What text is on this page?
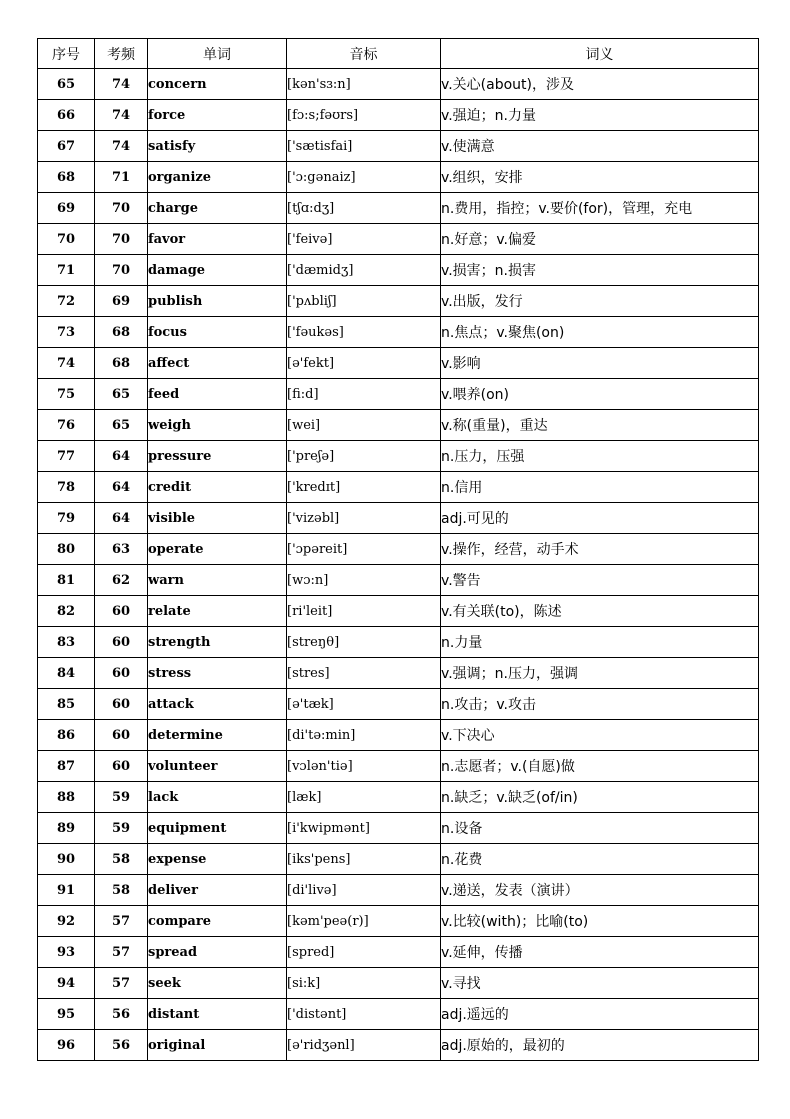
序号	考频	单词	音标	词义
65	74	concern	[kən'sɜ:n]	v.关心(about)，涉及
66	74	force	[fɔ:s;fəʊrs]	v.强迫；n.力量
67	74	satisfy	['sætisfai]	v.使满意
68	71	organize	['ɔ:gənaiz]	v.组织，安排
69	70	charge	[tʃɑ:dʒ]	n.费用，指控；v.要价(for)，管理，充电
70	70	favor	['feivə]	n.好意；v.偏爱
71	70	damage	['dæmidʒ]	v.损害；n.损害
72	69	publish	['pʌbliʃ]	v.出版，发行
73	68	focus	['fəukəs]	n.焦点；v.聚焦(on)
74	68	affect	[ə'fekt]	v.影响
75	65	feed	[fi:d]	v.喂养(on)
76	65	weigh	[wei]	v.称(重量)，重达
77	64	pressure	['preʃə]	n.压力，压强
78	64	credit	['kredɪt]	n.信用
79	64	visible	['vizəbl]	adj.可见的
80	63	operate	['ɔpəreit]	v.操作，经营，动手术
81	62	warn	[wɔ:n]	v.警告
82	60	relate	[ri'leit]	v.有关联(to)，陈述
83	60	strength	[streŋθ]	n.力量
84	60	stress	[stres]	v.强调；n.压力，强调
85	60	attack	[ə'tæk]	n.攻击；v.攻击
86	60	determine	[di'tə:min]	v.下决心
87	60	volunteer	[vɔlən'tiə]	n.志愿者；v.(自愿)做
88	59	lack	[læk]	n.缺乏；v.缺乏(of/in)
89	59	equipment	[i'kwipmənt]	n.设备
90	58	expense	[iks'pens]	n.花费
91	58	deliver	[di'livə]	v.递送，发表（演讲）
92	57	compare	[kəm'peə(r)]	v.比较(with)；比喻(to)
93	57	spread	[spred]	v.延伸，传播
94	57	seek	[si:k]	v.寻找
95	56	distant	['distənt]	adj.遥远的
96	56	original	[ə'ridʒənl]	adj.原始的，最初的
